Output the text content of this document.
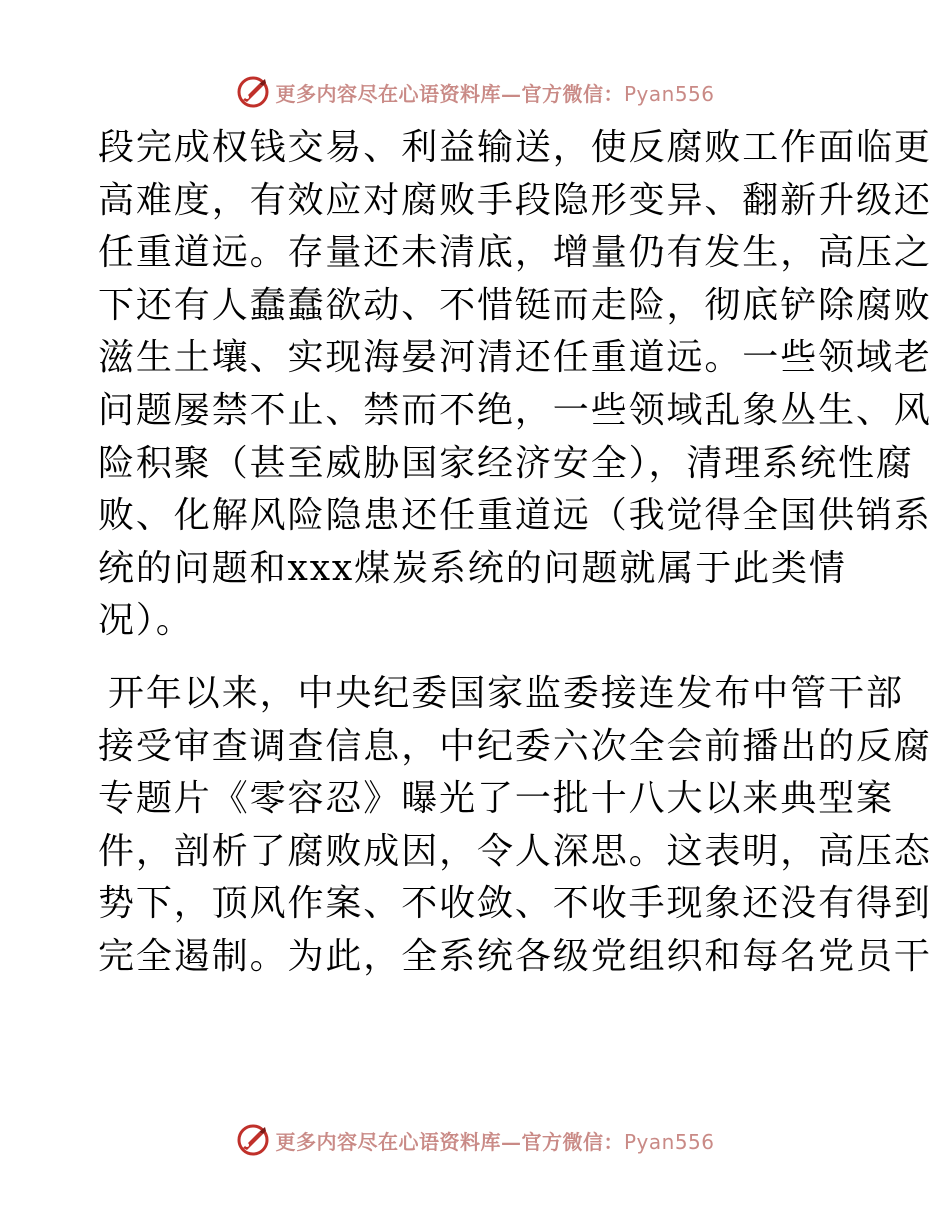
更多内容尽在心语资料库—官方微信：Pyan556

段完成权钱交易、利益输送，使反腐败工作面临更
高难度，有效应对腐败手段隐形变异、翻新升级还
任重道远。存量还未清底，增量仍有发生，高压之
下还有人蠢蠢欲动、不惜铤而走险，彻底铲除腐败
滋生土壤、实现海晏河清还任重道远。一些领域老
问题屡禁不止、禁而不绝，一些领域乱象丛生、风
险积聚（甚至威胁国家经济安全），清理系统性腐
败、化解风险隐患还任重道远（我觉得全国供销系
统的问题和xxx煤炭系统的问题就属于此类情
况）。

开年以来，中央纪委国家监委接连发布中管干部
接受审查调查信息，中纪委六次全会前播出的反腐
专题片《零容忍》曝光了一批十八大以来典型案
件，剖析了腐败成因，令人深思。这表明，高压态
势下，顶风作案、不收敛、不收手现象还没有得到
完全遏制。为此，全系统各级党组织和每名党员干

更多内容尽在心语资料库—官方微信：Pyan556
